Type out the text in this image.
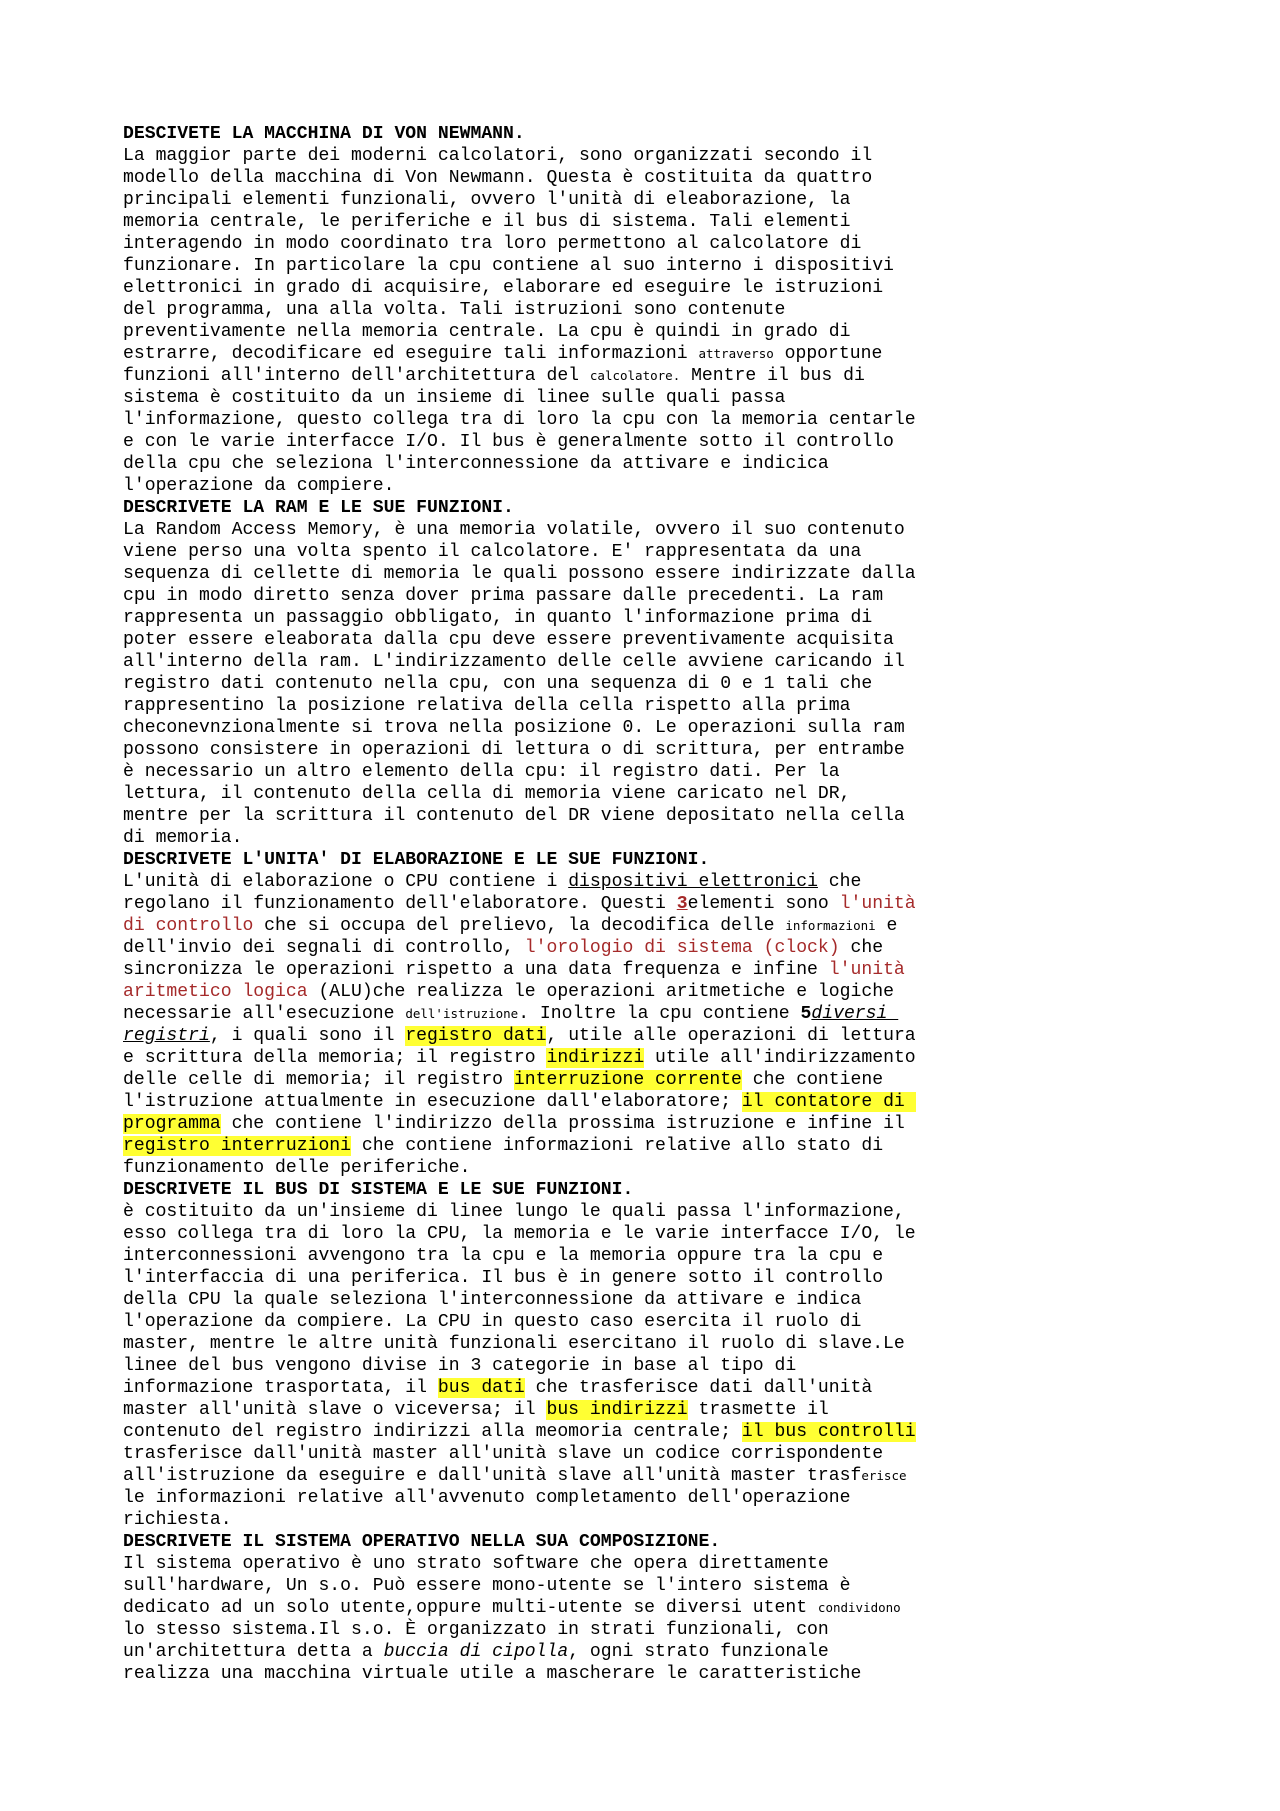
DESCIVETE LA MACCHINA DI VON NEWMANN.
La maggior parte dei moderni calcolatori, sono organizzati secondo il
modello della macchina di Von Newmann. Questa è costituita da quattro
principali elementi funzionali, ovvero l'unità di eleaborazione, la
memoria centrale, le periferiche e il bus di sistema. Tali elementi
interagendo in modo coordinato tra loro permettono al calcolatore di
funzionare. In particolare la cpu contiene al suo interno i dispositivi
elettronici in grado di acquisire, elaborare ed eseguire le istruzioni
del programma, una alla volta. Tali istruzioni sono contenute
preventivamente nella memoria centrale. La cpu è quindi in grado di
estrarre, decodificare ed eseguire tali informazioni attraverso opportune
funzioni all'interno dell'architettura del calcolatore. Mentre il bus di
sistema è costituito da un insieme di linee sulle quali passa
l'informazione, questo collega tra di loro la cpu con la memoria centarle
e con le varie interfacce I/O. Il bus è generalmente sotto il controllo
della cpu che seleziona l'interconnessione da attivare e indicica
l'operazione da compiere.
DESCRIVETE LA RAM E LE SUE FUNZIONI.
La Random Access Memory, è una memoria volatile, ovvero il suo contenuto
viene perso una volta spento il calcolatore. E' rappresentata da una
sequenza di cellette di memoria le quali possono essere indirizzate dalla
cpu in modo diretto senza dover prima passare dalle precedenti. La ram
rappresenta un passaggio obbligato, in quanto l'informazione prima di
poter essere eleaborata dalla cpu deve essere preventivamente acquisita
all'interno della ram. L'indirizzamento delle celle avviene caricando il
registro dati contenuto nella cpu, con una sequenza di 0 e 1 tali che
rappresentino la posizione relativa della cella rispetto alla prima
checonevnzionalmente si trova nella posizione 0. Le operazioni sulla ram
possono consistere in operazioni di lettura o di scrittura, per entrambe
è necessario un altro elemento della cpu: il registro dati. Per la
lettura, il contenuto della cella di memoria viene caricato nel DR,
mentre per la scrittura il contenuto del DR viene depositato nella cella
di memoria.
DESCRIVETE L'UNITA' DI ELABORAZIONE E LE SUE FUNZIONI.
L'unità di elaborazione o CPU contiene i dispositivi elettronici che
regolano il funzionamento dell'elaboratore. Questi 3elementi sono l'unità
di controllo che si occupa del prelievo, la decodifica delle informazioni e
dell'invio dei segnali di controllo, l'orologio di sistema (clock) che
sincronizza le operazioni rispetto a una data frequenza e infine l'unità
aritmetico logica (ALU)che realizza le operazioni aritmetiche e logiche
necessarie all'esecuzione dell'istruzione. Inoltre la cpu contiene 5diversi
registri, i quali sono il registro dati, utile alle operazioni di lettura
e scrittura della memoria; il registro indirizzi utile all'indirizzamento
delle celle di memoria; il registro interruzione corrente che contiene
l'istruzione attualmente in esecuzione dall'elaboratore; il contatore di
programma che contiene l'indirizzo della prossima istruzione e infine il
registro interruzioni che contiene informazioni relative allo stato di
funzionamento delle periferiche.
DESCRIVETE IL BUS DI SISTEMA E LE SUE FUNZIONI.
è costituito da un'insieme di linee lungo le quali passa l'informazione,
esso collega tra di loro la CPU, la memoria e le varie interfacce I/O, le
interconnessioni avvengono tra la cpu e la memoria oppure tra la cpu e
l'interfaccia di una periferica. Il bus è in genere sotto il controllo
della CPU la quale seleziona l'interconnessione da attivare e indica
l'operazione da compiere. La CPU in questo caso esercita il ruolo di
master, mentre le altre unità funzionali esercitano il ruolo di slave.Le
linee del bus vengono divise in 3 categorie in base al tipo di
informazione trasportata, il bus dati che trasferisce dati dall'unità
master all'unità slave o viceversa; il bus indirizzi trasmette il
contenuto del registro indirizzi alla meomoria centrale; il bus controlli
trasferisce dall'unità master all'unità slave un codice corrispondente
all'istruzione da eseguire e dall'unità slave all'unità master trasferisce
le informazioni relative all'avvenuto completamento dell'operazione
richiesta.
DESCRIVETE IL SISTEMA OPERATIVO NELLA SUA COMPOSIZIONE.
Il sistema operativo è uno strato software che opera direttamente
sull'hardware, Un s.o. Può essere mono-utente se l'intero sistema è
dedicato ad un solo utente,oppure multi-utente se diversi utent condividono
lo stesso sistema.Il s.o. È organizzato in strati funzionali, con
un'architettura detta a buccia di cipolla, ogni strato funzionale
realizza una macchina virtuale utile a mascherare le caratteristiche
